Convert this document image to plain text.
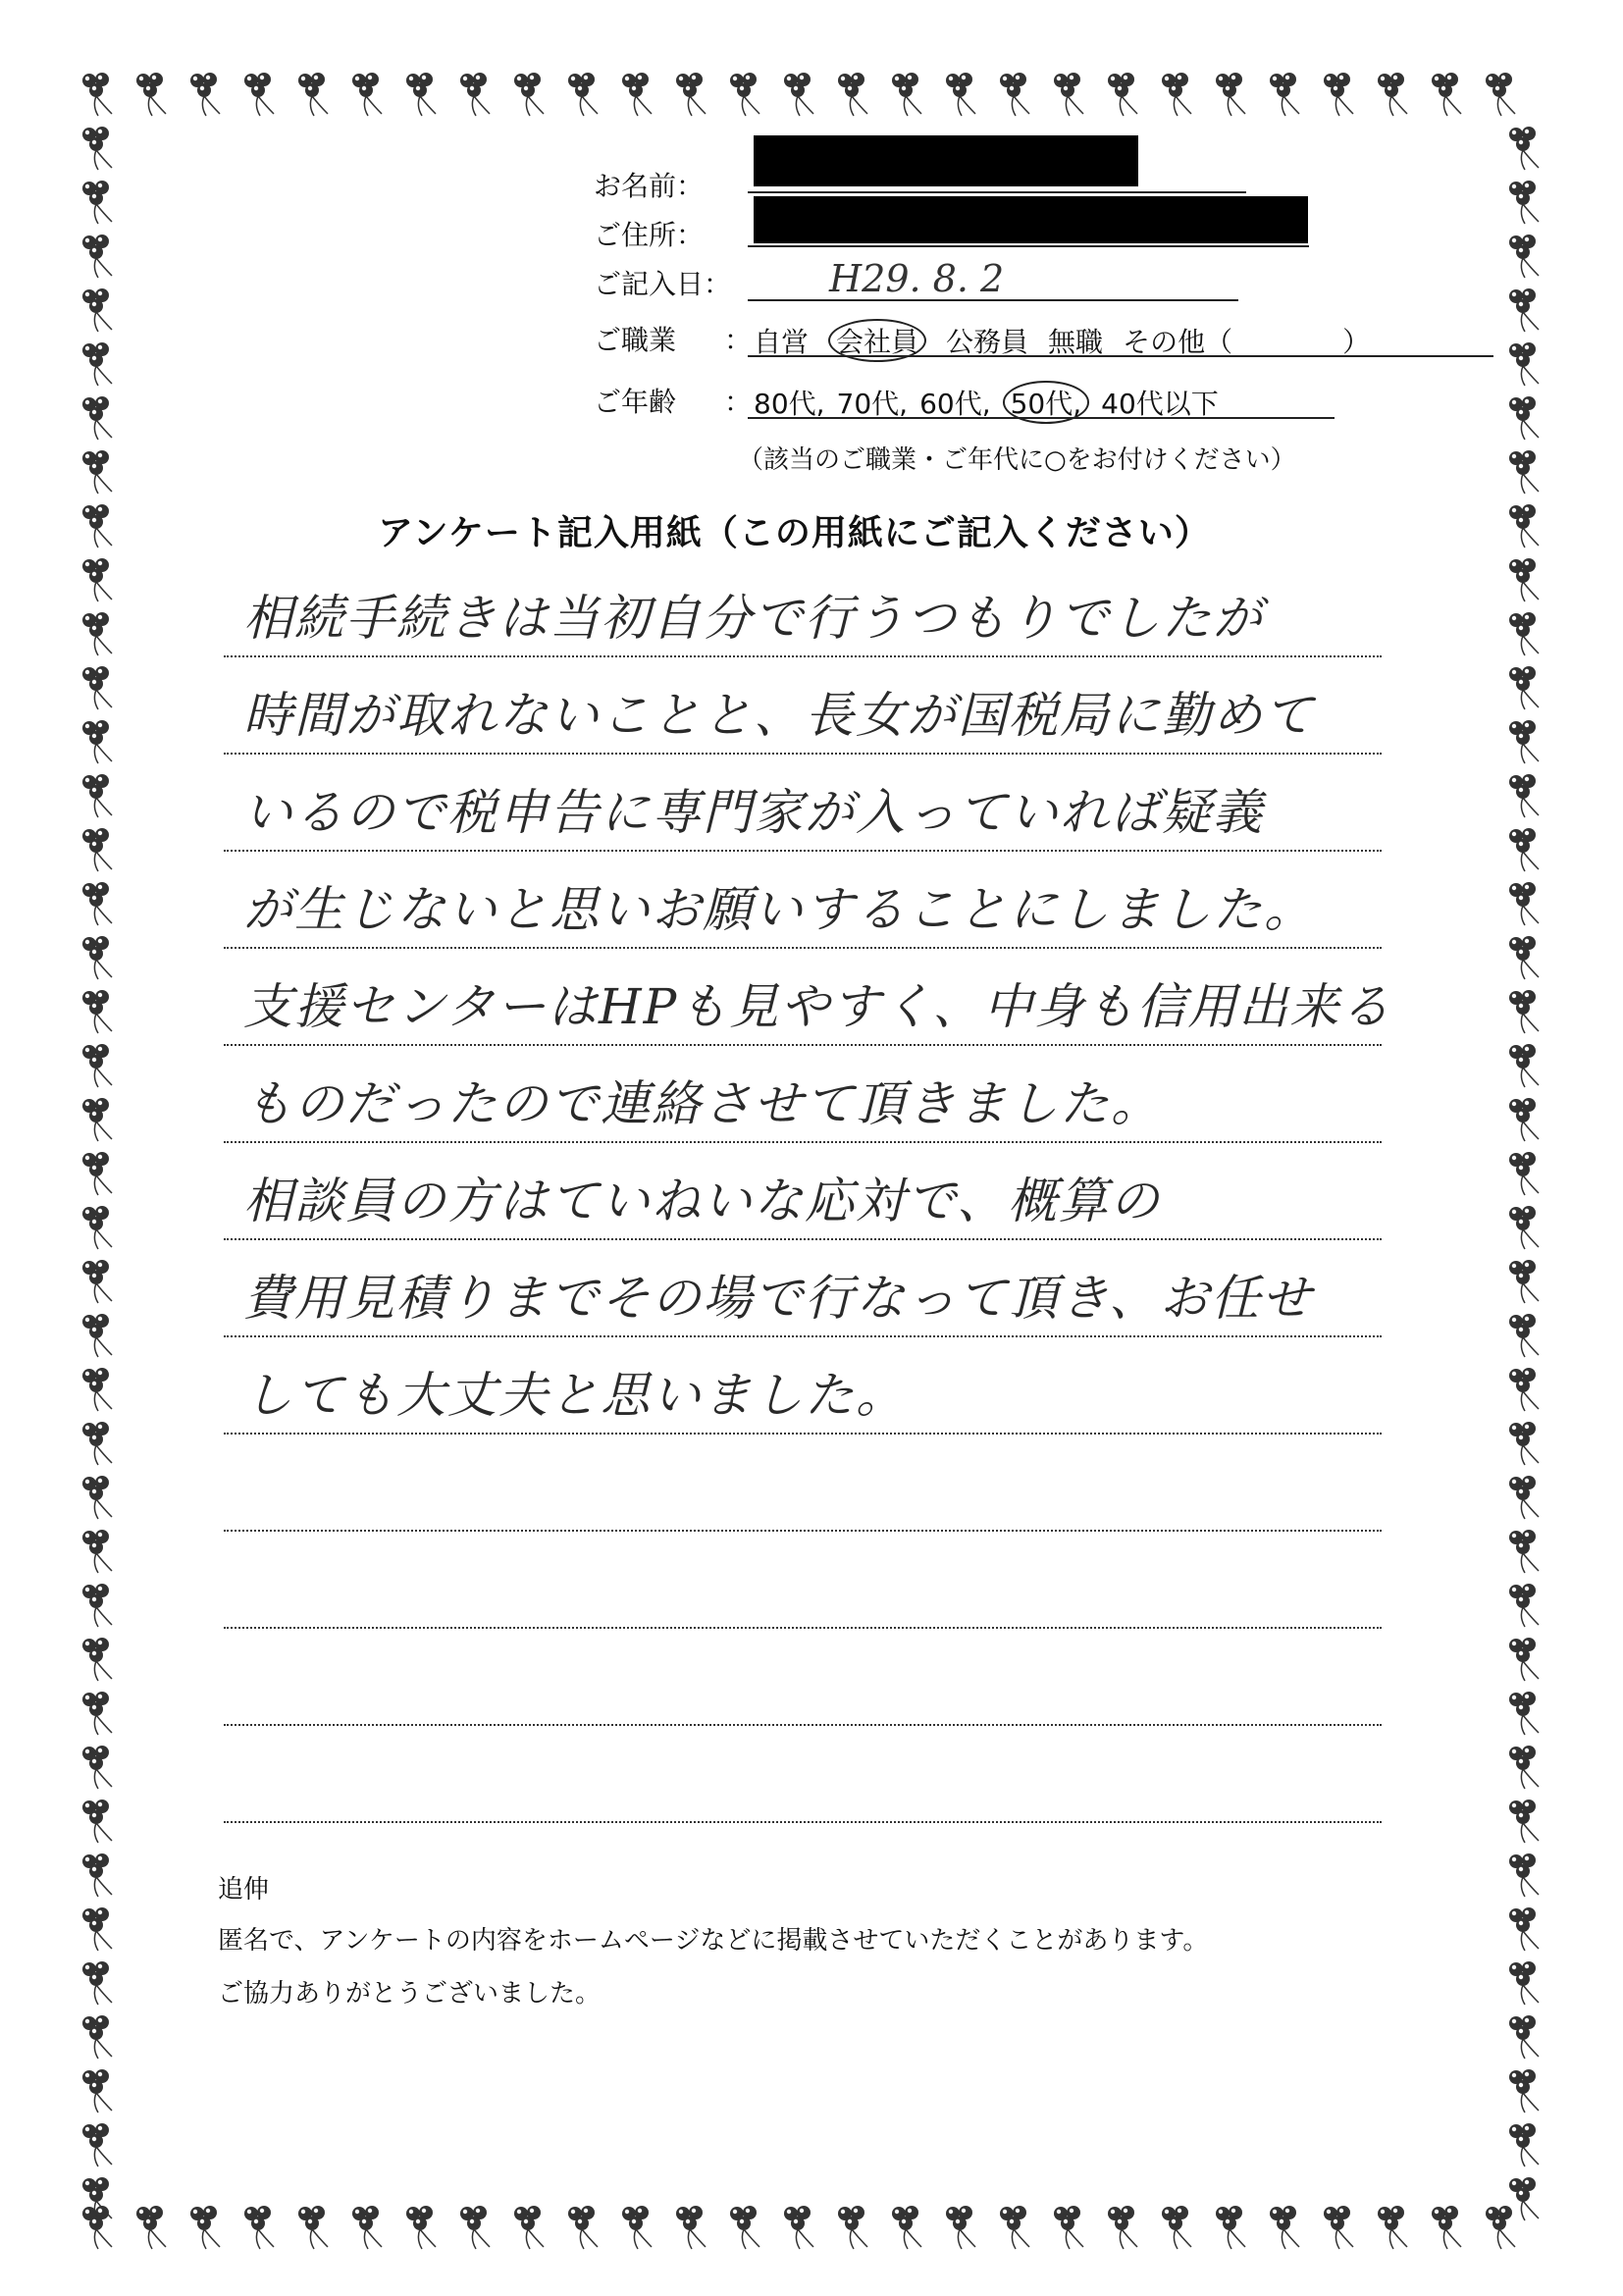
お名前：
ご住所：
ご記入日：	H29. 8. 2
ご職業 ： 自営 会社員 公務員 無職 その他（　　　　）
ご年齢 ： 80代, 70代, 60代, 50代, 40代以下
（該当のご職業・ご年代に○をお付けください）
アンケート記入用紙（この用紙にご記入ください）
相続手続きは当初自分で行うつもりでしたが
時間が取れないことと、長女が国税局に勤めて
いるので税申告に専門家が入っていれば疑義
が生じないと思いお願いすることにしました。
支援センターはHPも見やすく、中身も信用出来る
ものだったので連絡させて頂きました。
相談員の方はていねいな応対で、概算の
費用見積りまでその場で行なって頂き、お任せ
しても大丈夫と思いました。
追伸
匿名で、アンケートの内容をホームページなどに掲載させていただくことがあります。
ご協力ありがとうございました。
